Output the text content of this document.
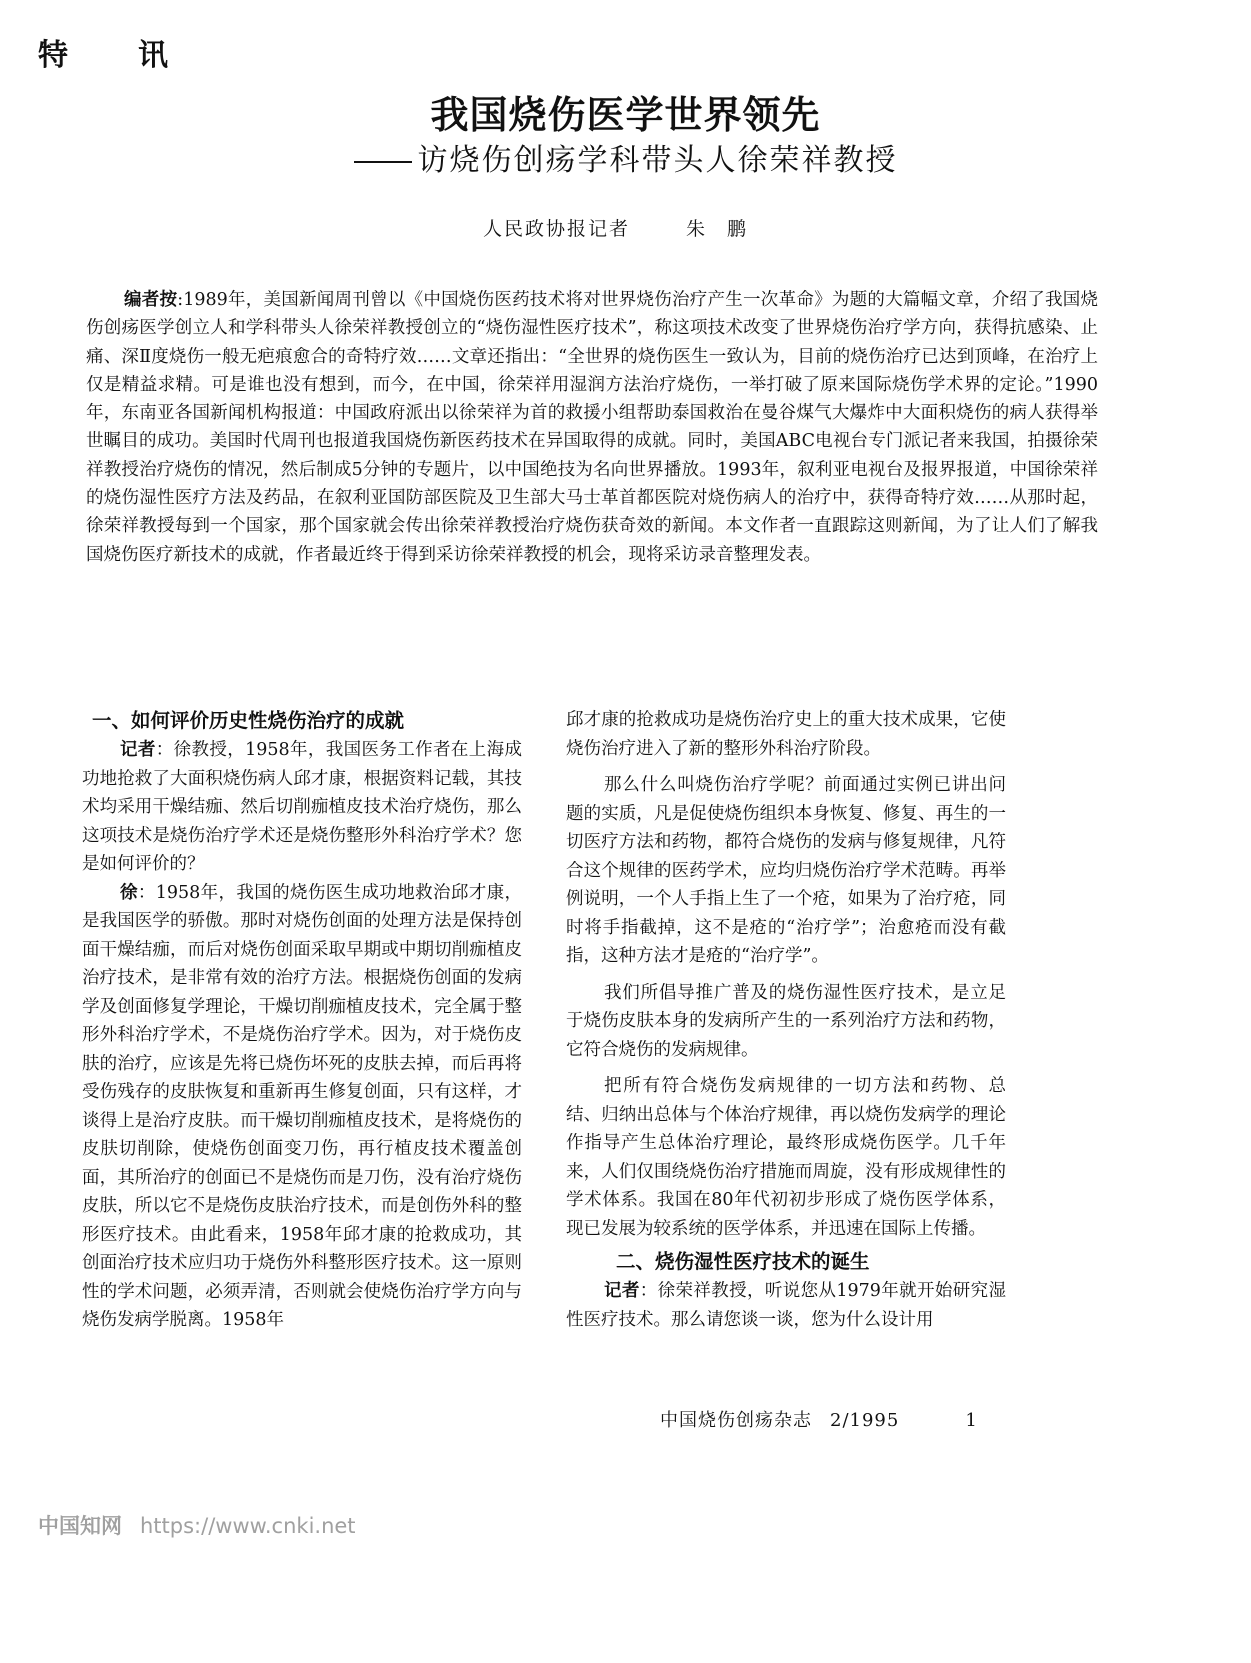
特　讯
我国烧伤医学世界领先
访烧伤创疡学科带头人徐荣祥教授
人民政协报记者	朱鹏

编者按:1989年，美国新闻周刊曾以《中国烧伤医药技术将对世界烧伤治疗产生一次革命》为题的大篇幅文章，介绍了我国烧伤创疡医学创立人和学科带头人徐荣祥教授创立的“烧伤湿性医疗技术”，称这项技术改变了世界烧伤治疗学方向，获得抗感染、止痛、深Ⅱ度烧伤一般无疤痕愈合的奇特疗效……文章还指出：“全世界的烧伤医生一致认为，目前的烧伤治疗已达到顶峰，在治疗上仅是精益求精。可是谁也没有想到，而今，在中国，徐荣祥用湿润方法治疗烧伤，一举打破了原来国际烧伤学术界的定论。”1990年，东南亚各国新闻机构报道：中国政府派出以徐荣祥为首的救援小组帮助泰国救治在曼谷煤气大爆炸中大面积烧伤的病人获得举世瞩目的成功。美国时代周刊也报道我国烧伤新医药技术在异国取得的成就。同时，美国ABC电视台专门派记者来我国，拍摄徐荣祥教授治疗烧伤的情况，然后制成5分钟的专题片，以中国绝技为名向世界播放。1993年，叙利亚电视台及报界报道，中国徐荣祥的烧伤湿性医疗方法及药品，在叙利亚国防部医院及卫生部大马士革首都医院对烧伤病人的治疗中，获得奇特疗效……从那时起，徐荣祥教授每到一个国家，那个国家就会传出徐荣祥教授治疗烧伤获奇效的新闻。本文作者一直跟踪这则新闻，为了让人们了解我国烧伤医疗新技术的成就，作者最近终于得到采访徐荣祥教授的机会，现将采访录音整理发表。

一、如何评价历史性烧伤治疗的成就

记者：徐教授，1958年，我国医务工作者在上海成功地抢救了大面积烧伤病人邱才康，根据资料记载，其技术均采用干燥结痂、然后切削痂植皮技术治疗烧伤，那么这项技术是烧伤治疗学术还是烧伤整形外科治疗学术？您是如何评价的？

徐：1958年，我国的烧伤医生成功地救治邱才康，是我国医学的骄傲。那时对烧伤创面的处理方法是保持创面干燥结痂，而后对烧伤创面采取早期或中期切削痂植皮治疗技术，是非常有效的治疗方法。根据烧伤创面的发病学及创面修复学理论，干燥切削痂植皮技术，完全属于整形外科治疗学术，不是烧伤治疗学术。因为，对于烧伤皮肤的治疗，应该是先将已烧伤坏死的皮肤去掉，而后再将受伤残存的皮肤恢复和重新再生修复创面，只有这样，才谈得上是治疗皮肤。而干燥切削痂植皮技术，是将烧伤的皮肤切削除，使烧伤创面变刀伤，再行植皮技术覆盖创面，其所治疗的创面已不是烧伤而是刀伤，没有治疗烧伤皮肤，所以它不是烧伤皮肤治疗技术，而是创伤外科的整形医疗技术。由此看来，1958年邱才康的抢救成功，其创面治疗技术应归功于烧伤外科整形医疗技术。这一原则性的学术问题，必须弄清，否则就会使烧伤治疗学方向与烧伤发病学脱离。1958年

邱才康的抢救成功是烧伤治疗史上的重大技术成果，它使烧伤治疗进入了新的整形外科治疗阶段。

那么什么叫烧伤治疗学呢？前面通过实例已讲出问题的实质，凡是促使烧伤组织本身恢复、修复、再生的一切医疗方法和药物，都符合烧伤的发病与修复规律，凡符合这个规律的医药学术，应均归烧伤治疗学术范畴。再举例说明，一个人手指上生了一个疮，如果为了治疗疮，同时将手指截掉，这不是疮的“治疗学”；治愈疮而没有截指，这种方法才是疮的“治疗学”。

我们所倡导推广普及的烧伤湿性医疗技术，是立足于烧伤皮肤本身的发病所产生的一系列治疗方法和药物，它符合烧伤的发病规律。

把所有符合烧伤发病规律的一切方法和药物、总结、归纳出总体与个体治疗规律，再以烧伤发病学的理论作指导产生总体治疗理论，最终形成烧伤医学。几千年来，人们仅围绕烧伤治疗措施而周旋，没有形成规律性的学术体系。我国在80年代初初步形成了烧伤医学体系，现已发展为较系统的医学体系，并迅速在国际上传播。

二、烧伤湿性医疗技术的诞生

记者：徐荣祥教授，听说您从1979年就开始研究湿性医疗技术。那么请您谈一谈，您为什么设计用

中国烧伤创疡杂志 2/1995	1
中国知网 https://www.cnki.net
